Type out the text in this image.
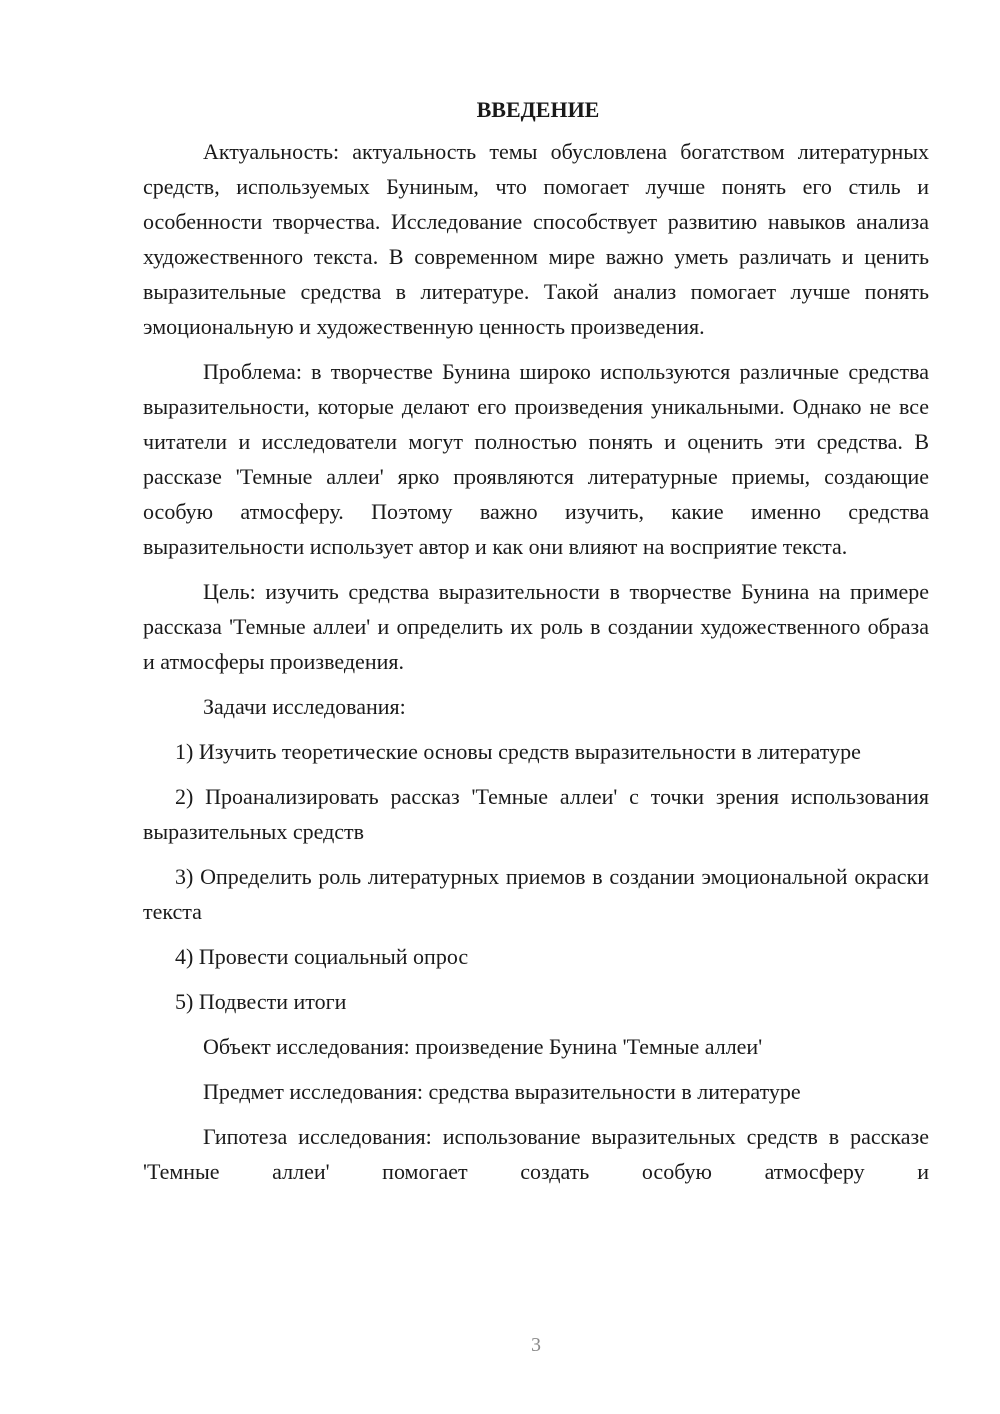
ВВЕДЕНИЕ

Актуальность: актуальность темы обусловлена богатством литературных средств, используемых Буниным, что помогает лучше понять его стиль и особенности творчества. Исследование способствует развитию навыков анализа художественного текста. В современном мире важно уметь различать и ценить выразительные средства в литературе. Такой анализ помогает лучше понять эмоциональную и художественную ценность произведения.

Проблема: в творчестве Бунина широко используются различные средства выразительности, которые делают его произведения уникальными. Однако не все читатели и исследователи могут полностью понять и оценить эти средства. В рассказе 'Темные аллеи' ярко проявляются литературные приемы, создающие особую атмосферу. Поэтому важно изучить, какие именно средства выразительности использует автор и как они влияют на восприятие текста.

Цель: изучить средства выразительности в творчестве Бунина на примере рассказа 'Темные аллеи' и определить их роль в создании художественного образа и атмосферы произведения.

Задачи исследования:

1) Изучить теоретические основы средств выразительности в литературе

2) Проанализировать рассказ 'Темные аллеи' с точки зрения использования выразительных средств

3) Определить роль литературных приемов в создании эмоциональной окраски текста

4) Провести социальный опрос

5) Подвести итоги

Объект исследования: произведение Бунина 'Темные аллеи'

Предмет исследования: средства выразительности в литературе

Гипотеза исследования: использование выразительных средств в рассказе 'Темные аллеи' помогает создать особую атмосферу и

3
